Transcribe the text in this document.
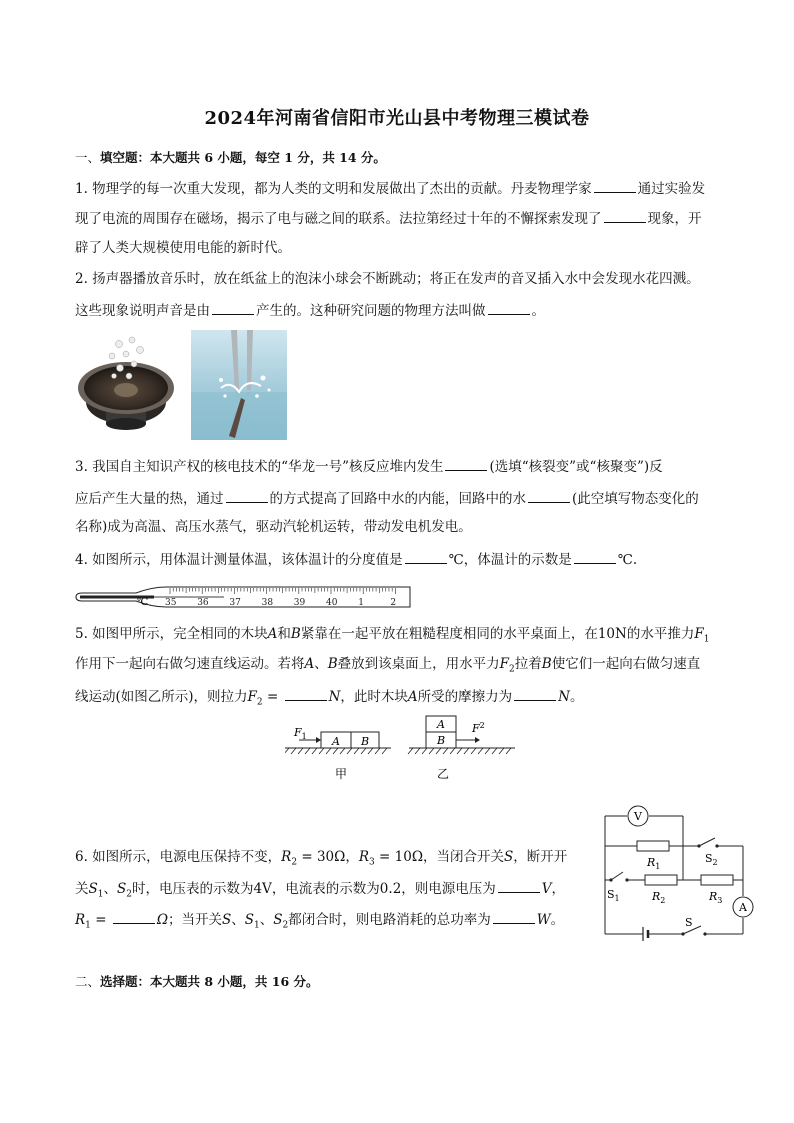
2024年河南省信阳市光山县中考物理三模试卷
一、填空题：本大题共 6 小题，每空 1 分，共 14 分。
1. 物理学的每一次重大发现，都为人类的文明和发展做出了杰出的贡献。丹麦物理学家	通过实验发
现了电流的周围存在磁场，揭示了电与磁之间的联系。法拉第经过十年的不懈探索发现了	现象，开
辟了人类大规模使用电能的新时代。
2. 扬声器播放音乐时，放在纸盆上的泡沫小球会不断跳动；将正在发声的音叉插入水中会发现水花四溅。
这些现象说明声音是由	产生的。这种研究问题的物理方法叫做	。
3. 我国自主知识产权的核电技术的“华龙一号”核反应堆内发生	(选填“核裂变”或“核聚变”)反
应后产生大量的热，通过	的方式提高了回路中水的内能，回路中的水	(此空填写物态变化的
名称)成为高温、高压水蒸气，驱动汽轮机运转，带动发电机发电。
4. 如图所示，用体温计测量体温，该体温计的分度值是	℃，体温计的示数是	℃.
℃ 35 36 37 38 39 40 1	2
5. 如图甲所示，完全相同的木块A和B紧靠在一起平放在粗糙程度相同的水平桌面上，在10N的水平推力$F_1$
作用下一起向右做匀速直线运动。若将A、B叠放到该桌面上，用水平力$F_2$拉着B使它们一起向右做匀速直
线运动(如图乙所示)，则拉力$F_2$ =	N，此时木块A所受的摩擦力为	N。
A B
$F_1$
甲
A
B
$F^2$
乙
6. 如图所示，电源电压保持不变，$R_2 = 30\Omega$，$R_3 = 10\Omega$，当闭合开关S，断开开
关$S_1$、$S_2$时，电压表的示数为4V，电流表的示数为0.2，则电源电压为	V，
$R_1$ =	Ω；当开关S、$S_1$、$S_2$都闭合时，则电路消耗的总功率为	W。
V
A
$R_1$
$R_2$	$R_3$
$S_2$
$S_1$
S
二、选择题：本大题共 8 小题，共 16 分。
